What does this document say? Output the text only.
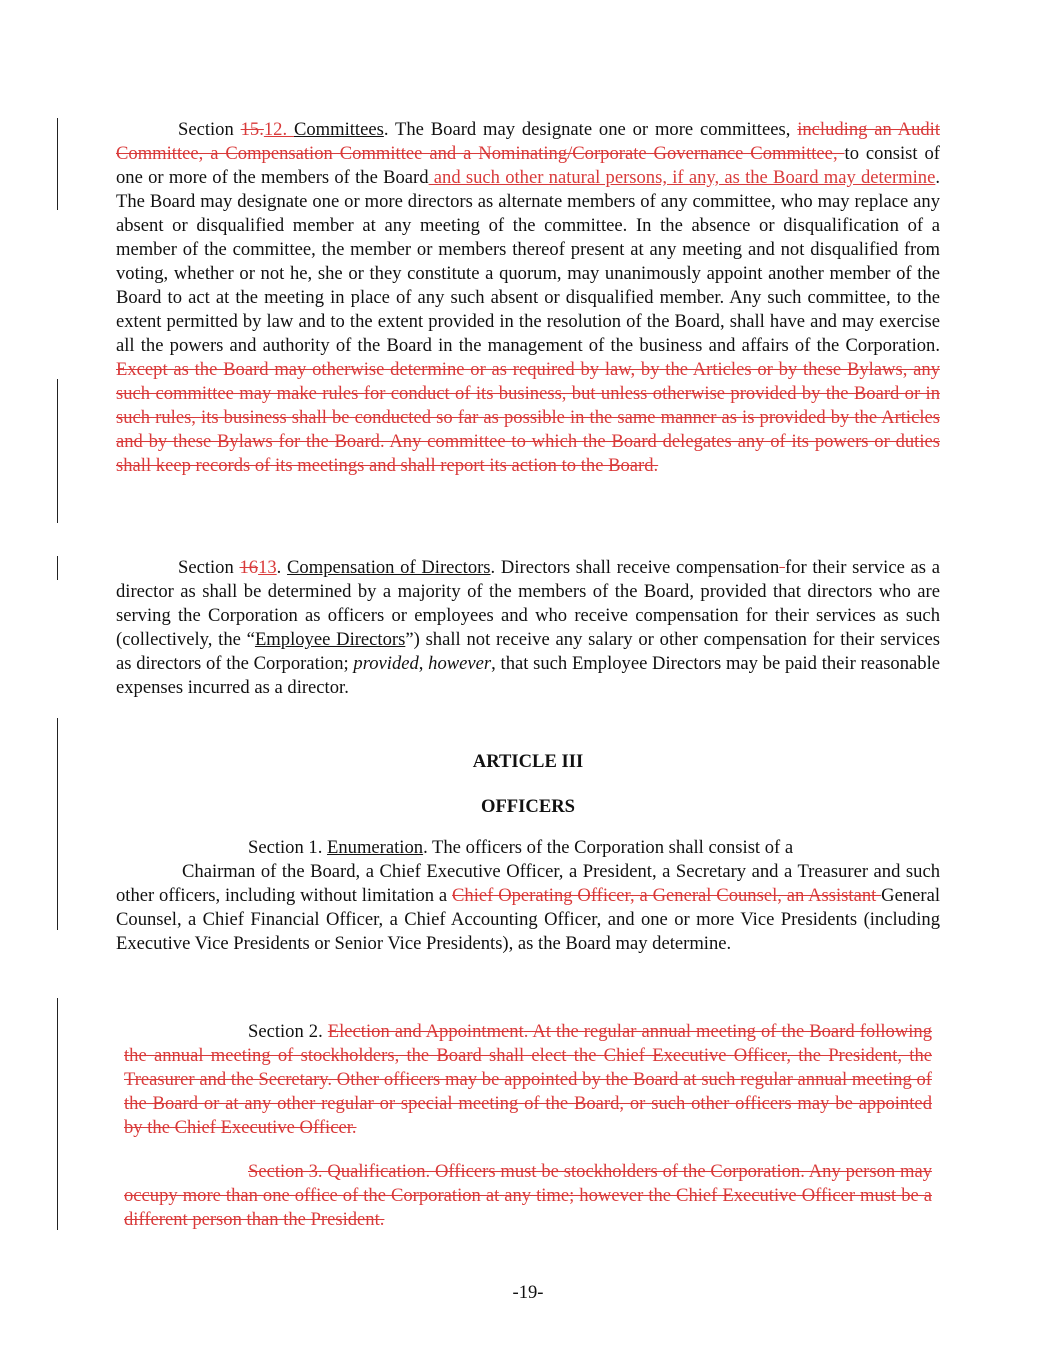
Section 15.12. Committees. The Board may designate one or more committees, including an Audit Committee, a Compensation Committee and a Nominating/Corporate Governance Committee, to consist of one or more of the members of the Board and such other natural persons, if any, as the Board may determine. The Board may designate one or more directors as alternate members of any committee, who may replace any absent or disqualified member at any meeting of the committee. In the absence or disqualification of a member of the committee, the member or members thereof present at any meeting and not disqualified from voting, whether or not he, she or they constitute a quorum, may unanimously appoint another member of the Board to act at the meeting in place of any such absent or disqualified member. Any such committee, to the extent permitted by law and to the extent provided in the resolution of the Board, shall have and may exercise all the powers and authority of the Board in the management of the business and affairs of the Corporation. Except as the Board may otherwise determine or as required by law, by the Articles or by these Bylaws, any such committee may make rules for conduct of its business, but unless otherwise provided by the Board or in such rules, its business shall be conducted so far as possible in the same manner as is provided by the Articles and by these Bylaws for the Board. Any committee to which the Board delegates any of its powers or duties shall keep records of its meetings and shall report its action to the Board.

Section 1613. Compensation of Directors. Directors shall receive compensation for their service as a director as shall be determined by a majority of the members of the Board, provided that directors who are serving the Corporation as officers or employees and who receive compensation for their services as such (collectively, the “Employee Directors”) shall not receive any salary or other compensation for their services as directors of the Corporation; provided, however, that such Employee Directors may be paid their reasonable expenses incurred as a director.

ARTICLE III

OFFICERS

Section 1. Enumeration. The officers of the Corporation shall consist of a
Chairman of the Board, a Chief Executive Officer, a President, a Secretary and a Treasurer and such other officers, including without limitation a Chief Operating Officer, a General Counsel, an Assistant General Counsel, a Chief Financial Officer, a Chief Accounting Officer, and one or more Vice Presidents (including Executive Vice Presidents or Senior Vice Presidents), as the Board may determine.

Section 2. Election and Appointment. At the regular annual meeting of the Board following the annual meeting of stockholders, the Board shall elect the Chief Executive Officer, the President, the Treasurer and the Secretary. Other officers may be appointed by the Board at such regular annual meeting of the Board or at any other regular or special meeting of the Board, or such other officers may be appointed by the Chief Executive Officer.

Section 3. Qualification. Officers must be stockholders of the Corporation. Any person may occupy more than one office of the Corporation at any time; however the Chief Executive Officer must be a different person than the President.

-19-
